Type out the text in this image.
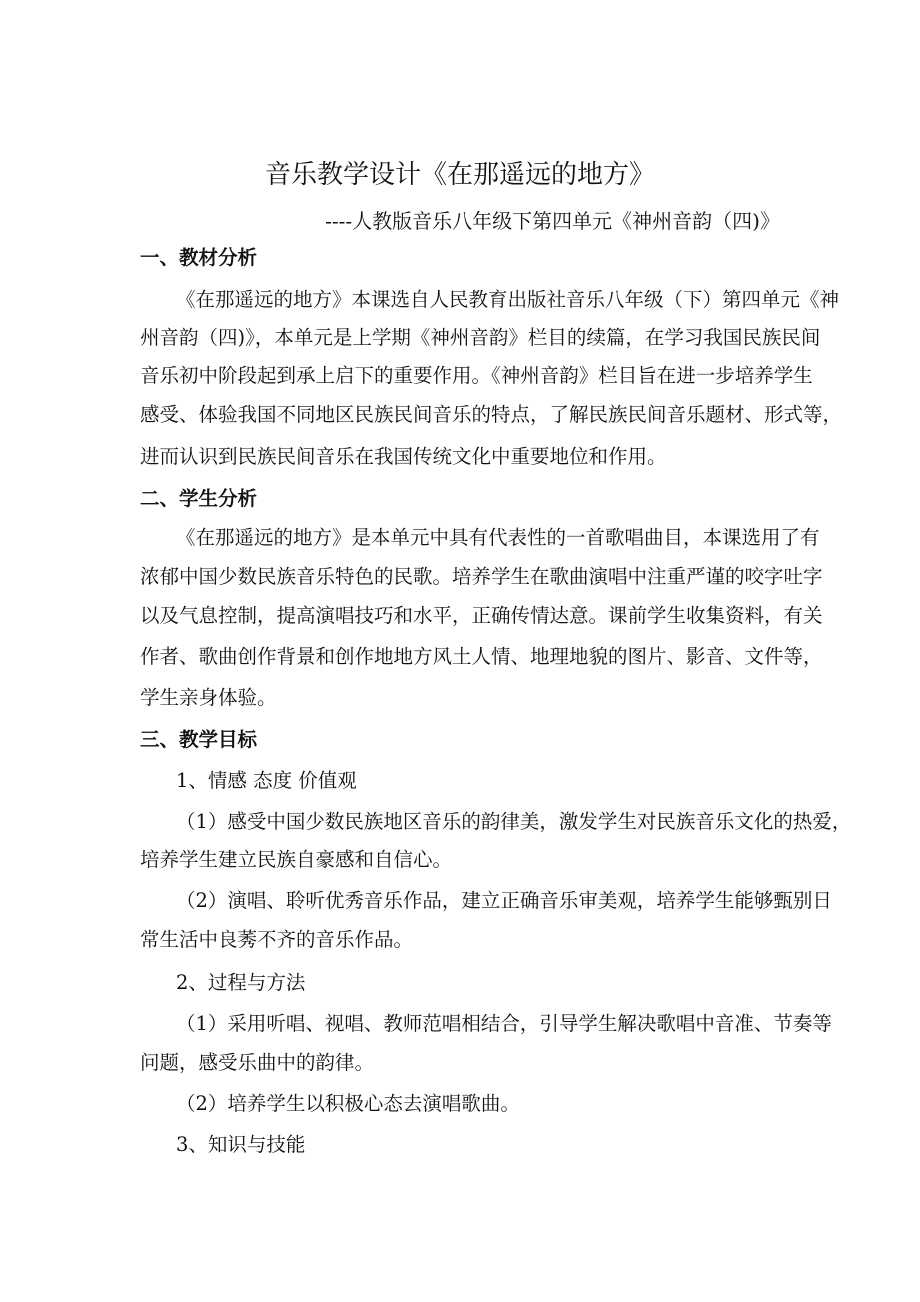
音乐教学设计《在那遥远的地方》
----人教版音乐八年级下第四单元《神州音韵（四)》
一、教材分析
《在那遥远的地方》本课选自人民教育出版社音乐八年级（下）第四单元《神
州音韵（四)》，本单元是上学期《神州音韵》栏目的续篇，在学习我国民族民间
音乐初中阶段起到承上启下的重要作用。《神州音韵》栏目旨在进一步培养学生
感受、体验我国不同地区民族民间音乐的特点，了解民族民间音乐题材、形式等，
进而认识到民族民间音乐在我国传统文化中重要地位和作用。
二、学生分析
《在那遥远的地方》是本单元中具有代表性的一首歌唱曲目，本课选用了有
浓郁中国少数民族音乐特色的民歌。培养学生在歌曲演唱中注重严谨的咬字吐字
以及气息控制，提高演唱技巧和水平，正确传情达意。课前学生收集资料，有关
作者、歌曲创作背景和创作地地方风土人情、地理地貌的图片、影音、文件等，
学生亲身体验。
三、教学目标
1、情感 态度 价值观
（1）感受中国少数民族地区音乐的韵律美，激发学生对民族音乐文化的热爱，
培养学生建立民族自豪感和自信心。
（2）演唱、聆听优秀音乐作品，建立正确音乐审美观，培养学生能够甄别日
常生活中良莠不齐的音乐作品。
2、过程与方法
（1）采用听唱、视唱、教师范唱相结合，引导学生解决歌唱中音准、节奏等
问题，感受乐曲中的韵律。
（2）培养学生以积极心态去演唱歌曲。
3、知识与技能
